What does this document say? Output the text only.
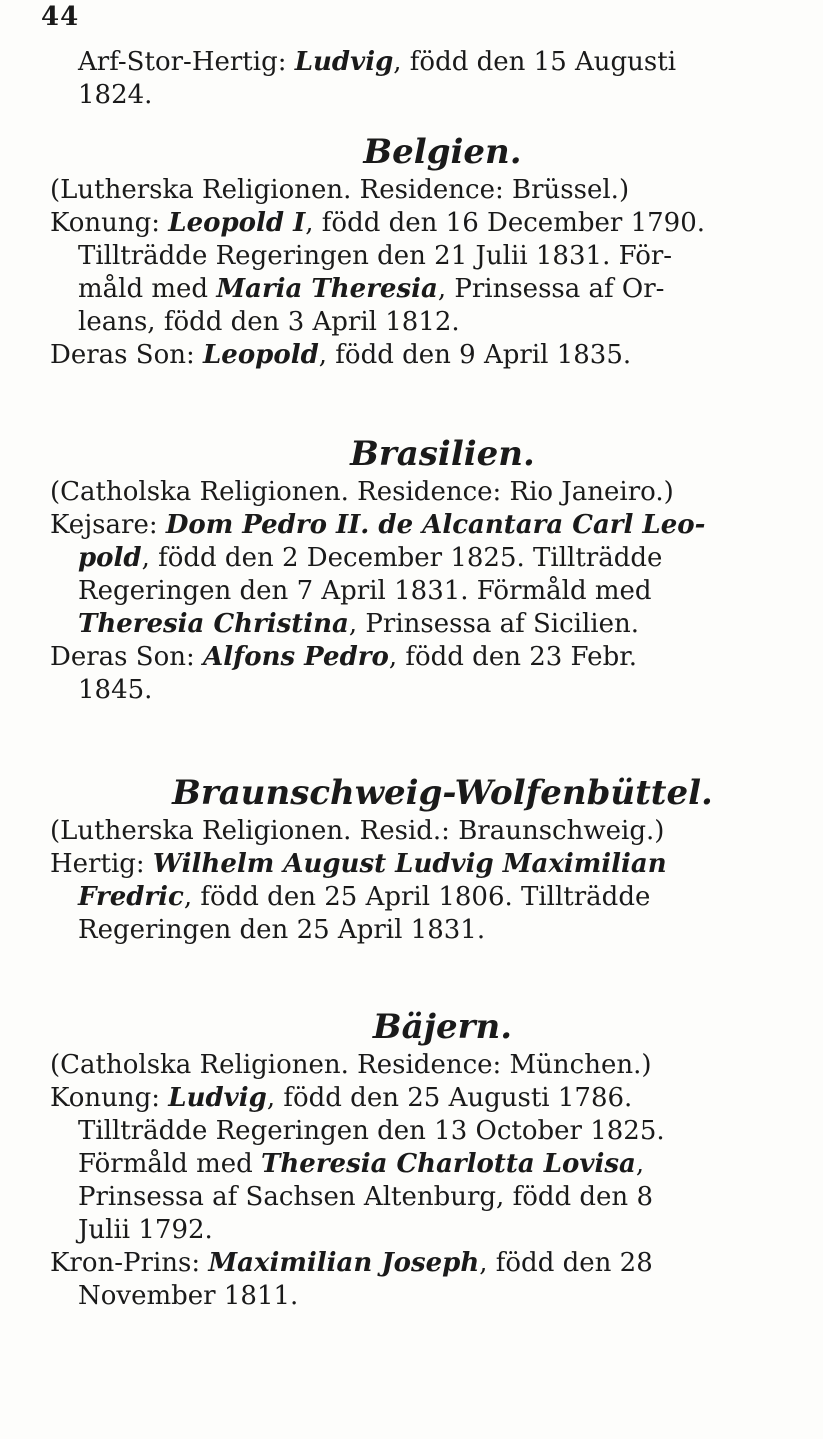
44

Arf-Stor-Hertig: Ludvig, född den 15 Augusti

1824.

Belgien.

(Lutherska Religionen. Residence: Brüssel.)

Konung: Leopold I, född den 16 December 1790.

Tillträdde Regeringen den 21 Julii 1831. För-

måld med Maria Theresia, Prinsessa af Or-

leans, född den 3 April 1812.

Deras Son: Leopold, född den 9 April 1835.

Brasilien.

(Catholska Religionen. Residence: Rio Janeiro.)

Kejsare: Dom Pedro II. de Alcantara Carl Leo-

pold, född den 2 December 1825. Tillträdde

Regeringen den 7 April 1831. Förmåld med

Theresia Christina, Prinsessa af Sicilien.

Deras Son: Alfons Pedro, född den 23 Febr.

1845.

Braunschweig-Wolfenbüttel.

(Lutherska Religionen. Resid.: Braunschweig.)

Hertig: Wilhelm August Ludvig Maximilian

Fredric, född den 25 April 1806. Tillträdde

Regeringen den 25 April 1831.

Bäjern.

(Catholska Religionen. Residence: München.)

Konung: Ludvig, född den 25 Augusti 1786.

Tillträdde Regeringen den 13 October 1825.

Förmåld med Theresia Charlotta Lovisa,

Prinsessa af Sachsen Altenburg, född den 8

Julii 1792.

Kron-Prins: Maximilian Joseph, född den 28

November 1811.
